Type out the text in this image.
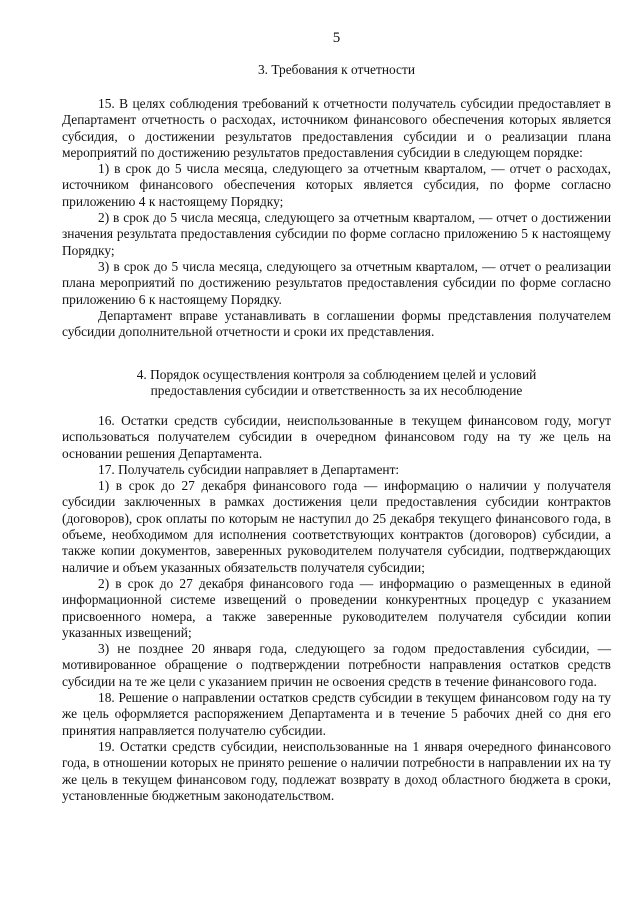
5

3. Требования к отчетности

15. В целях соблюдения требований к отчетности получатель субсидии предоставляет в Департамент отчетность о расходах, источником финансового обеспечения которых является субсидия, о достижении результатов предоставления субсидии и о реализации плана мероприятий по достижению результатов предоставления субсидии в следующем порядке:

1) в срок до 5 числа месяца, следующего за отчетным кварталом, — отчет о расходах, источником финансового обеспечения которых является субсидия, по форме согласно приложению 4 к настоящему Порядку;

2) в срок до 5 числа месяца, следующего за отчетным кварталом, — отчет о достижении значения результата предоставления субсидии по форме согласно приложению 5 к настоящему Порядку;

3) в срок до 5 числа месяца, следующего за отчетным кварталом, — отчет о реализации плана мероприятий по достижению результатов предоставления субсидии по форме согласно приложению 6 к настоящему Порядку.

Департамент вправе устанавливать в соглашении формы представления получателем субсидии дополнительной отчетности и сроки их представления.

4. Порядок осуществления контроля за соблюдением целей и условий

предоставления субсидии и ответственность за их несоблюдение

16. Остатки средств субсидии, неиспользованные в текущем финансовом году, могут использоваться получателем субсидии в очередном финансовом году на ту же цель на основании решения Департамента.

17. Получатель субсидии направляет в Департамент:

1) в срок до 27 декабря финансового года — информацию о наличии у получателя субсидии заключенных в рамках достижения цели предоставления субсидии контрактов (договоров), срок оплаты по которым не наступил до 25 декабря текущего финансового года, в объеме, необходимом для исполнения соответствующих контрактов (договоров) субсидии, а также копии документов, заверенных руководителем получателя субсидии, подтверждающих наличие и объем указанных обязательств получателя субсидии;

2) в срок до 27 декабря финансового года — информацию о размещенных в единой информационной системе извещений о проведении конкурентных процедур с указанием присвоенного номера, а также заверенные руководителем получателя субсидии копии указанных извещений;

3) не позднее 20 января года, следующего за годом предоставления субсидии, — мотивированное обращение о подтверждении потребности направления остатков средств субсидии на те же цели с указанием причин не освоения средств в течение финансового года.

18. Решение о направлении остатков средств субсидии в текущем финансовом году на ту же цель оформляется распоряжением Департамента и в течение 5 рабочих дней со дня его принятия направляется получателю субсидии.

19. Остатки средств субсидии, неиспользованные на 1 января очередного финансового года, в отношении которых не принято решение о наличии потребности в направлении их на ту же цель в текущем финансовом году, подлежат возврату в доход областного бюджета в сроки, установленные бюджетным законодательством.
